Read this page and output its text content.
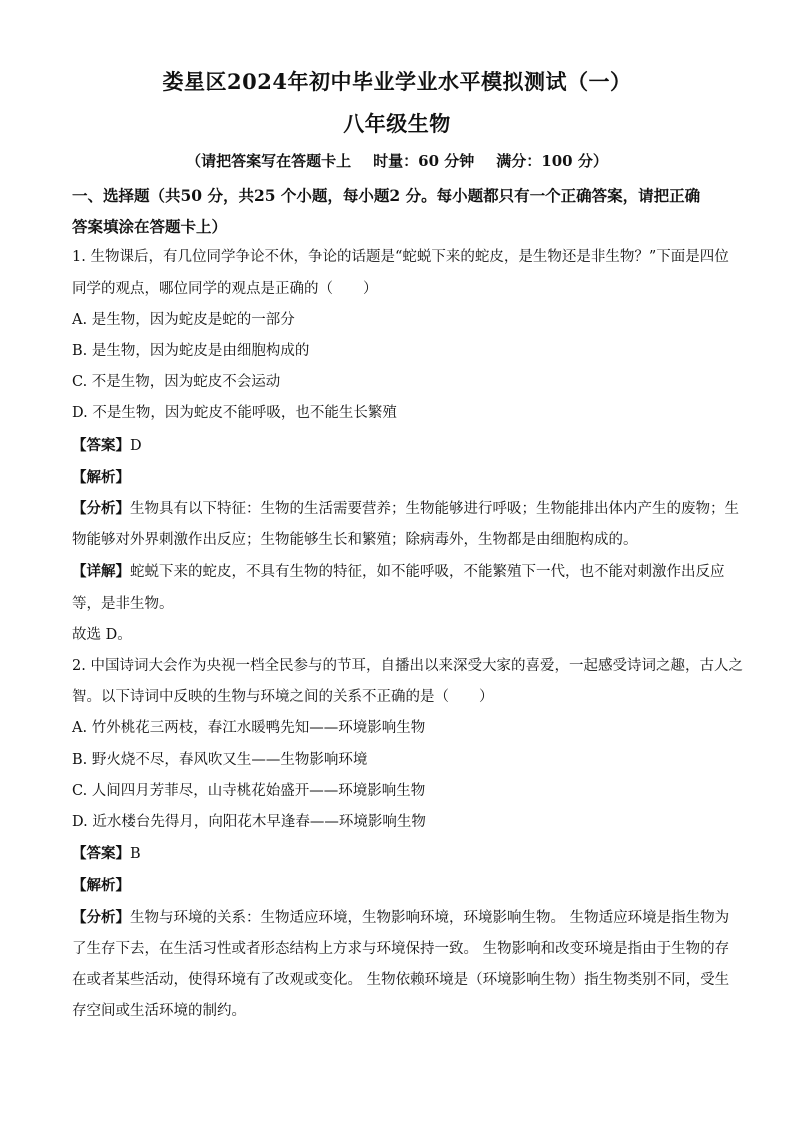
娄星区2024年初中毕业学业水平模拟测试（一）
八年级生物
（请把答案写在答题卡上 时量：60 分钟 满分：100 分）
一、选择题（共50 分，共25 个小题，每小题2 分。每小题都只有一个正确答案，请把正确
答案填涂在答题卡上）
1. 生物课后，有几位同学争论不休，争论的话题是“蛇蜕下来的蛇皮，是生物还是非生物？”下面是四位
同学的观点，哪位同学的观点是正确的（ ）
A. 是生物，因为蛇皮是蛇的一部分
B. 是生物，因为蛇皮是由细胞构成的
C. 不是生物，因为蛇皮不会运动
D. 不是生物，因为蛇皮不能呼吸，也不能生长繁殖
【答案】D
【解析】
【分析】生物具有以下特征：生物的生活需要营养；生物能够进行呼吸；生物能排出体内产生的废物；生
物能够对外界刺激作出反应；生物能够生长和繁殖；除病毒外，生物都是由细胞构成的。
【详解】蛇蜕下来的蛇皮，不具有生物的特征，如不能呼吸，不能繁殖下一代，也不能对刺激作出反应
等，是非生物。
故选 D。
2. 中国诗词大会作为央视一档全民参与的节耳，自播出以来深受大家的喜爱，一起感受诗词之趣，古人之
智。以下诗词中反映的生物与环境之间的关系不正确的是（ ）
A. 竹外桃花三两枝，春江水暖鸭先知——环境影响生物
B. 野火烧不尽，春风吹又生——生物影响环境
C. 人间四月芳菲尽，山寺桃花始盛开——环境影响生物
D. 近水楼台先得月，向阳花木早逢春——环境影响生物
【答案】B
【解析】
【分析】生物与环境的关系：生物适应环境，生物影响环境，环境影响生物。 生物适应环境是指生物为
了生存下去，在生活习性或者形态结构上方求与环境保持一致。 生物影响和改变环境是指由于生物的存
在或者某些活动，使得环境有了改观或变化。 生物依赖环境是（环境影响生物）指生物类别不同，受生
存空间或生活环境的制约。
